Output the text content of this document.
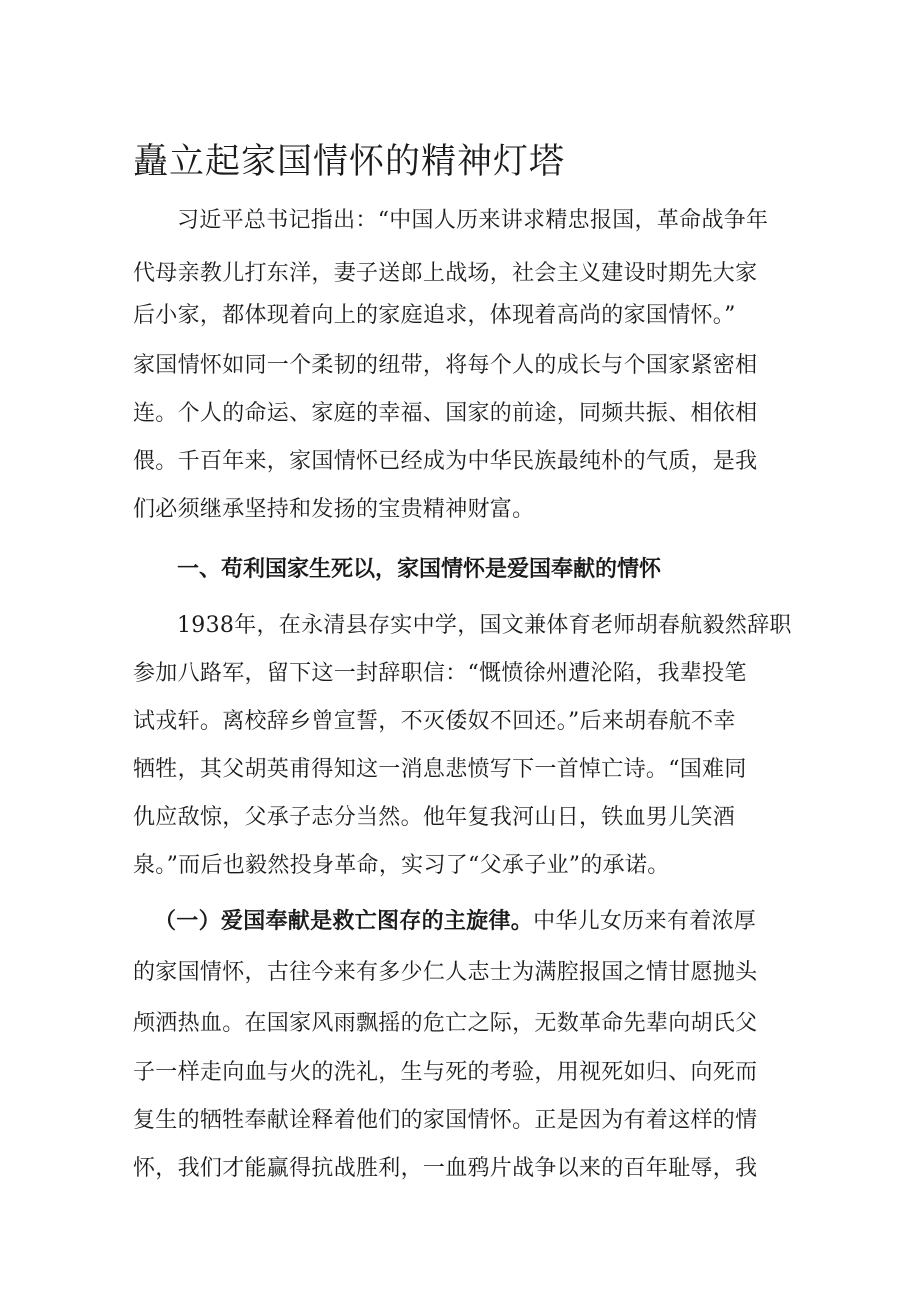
矗立起家国情怀的精神灯塔
习近平总书记指出：“中国人历来讲求精忠报国，革命战争年
代母亲教儿打东洋，妻子送郎上战场，社会主义建设时期先大家
后小家，都体现着向上的家庭追求，体现着高尚的家国情怀。”
家国情怀如同一个柔韧的纽带，将每个人的成长与个国家紧密相
连。个人的命运、家庭的幸福、国家的前途，同频共振、相依相
偎。千百年来，家国情怀已经成为中华民族最纯朴的气质，是我
们必须继承坚持和发扬的宝贵精神财富。
一、苟利国家生死以，家国情怀是爱国奉献的情怀
1938年，在永清县存实中学，国文兼体育老师胡春航毅然辞职
参加八路军，留下这一封辞职信：“慨愤徐州遭沦陷，我辈投笔
试戎轩。离校辞乡曾宣誓，不灭倭奴不回还。”后来胡春航不幸
牺牲，其父胡英甫得知这一消息悲愤写下一首悼亡诗。“国难同
仇应敌惊，父承子志分当然。他年复我河山日，铁血男儿笑酒
泉。”而后也毅然投身革命，实习了“父承子业”的承诺。
（一）爱国奉献是救亡图存的主旋律。中华儿女历来有着浓厚
的家国情怀，古往今来有多少仁人志士为满腔报国之情甘愿抛头
颅洒热血。在国家风雨飘摇的危亡之际，无数革命先辈向胡氏父
子一样走向血与火的洗礼，生与死的考验，用视死如归、向死而
复生的牺牲奉献诠释着他们的家国情怀。正是因为有着这样的情
怀，我们才能赢得抗战胜利，一血鸦片战争以来的百年耻辱，我
